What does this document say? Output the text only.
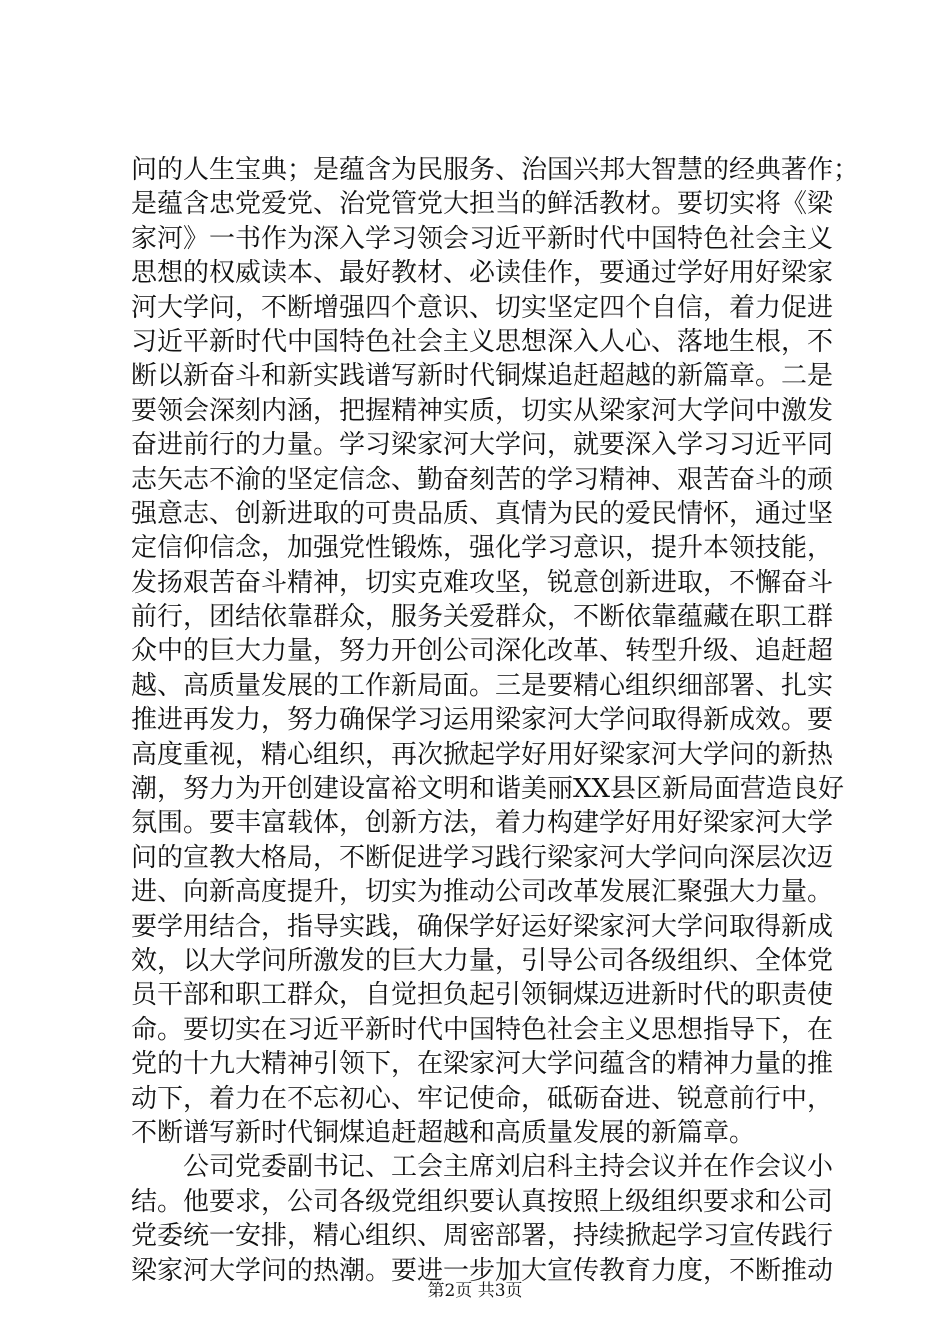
问的人生宝典；是蕴含为民服务、治国兴邦大智慧的经典著作；
是蕴含忠党爱党、治党管党大担当的鲜活教材。要切实将《梁
家河》一书作为深入学习领会习近平新时代中国特色社会主义
思想的权威读本、最好教材、必读佳作，要通过学好用好梁家
河大学问，不断增强四个意识、切实坚定四个自信，着力促进
习近平新时代中国特色社会主义思想深入人心、落地生根，不
断以新奋斗和新实践谱写新时代铜煤追赶超越的新篇章。二是
要领会深刻内涵，把握精神实质，切实从梁家河大学问中激发
奋进前行的力量。学习梁家河大学问，就要深入学习习近平同
志矢志不渝的坚定信念、勤奋刻苦的学习精神、艰苦奋斗的顽
强意志、创新进取的可贵品质、真情为民的爱民情怀，通过坚
定信仰信念，加强党性锻炼，强化学习意识，提升本领技能，
发扬艰苦奋斗精神，切实克难攻坚，锐意创新进取，不懈奋斗
前行，团结依靠群众，服务关爱群众，不断依靠蕴藏在职工群
众中的巨大力量，努力开创公司深化改革、转型升级、追赶超
越、高质量发展的工作新局面。三是要精心组织细部署、扎实
推进再发力，努力确保学习运用梁家河大学问取得新成效。要
高度重视，精心组织，再次掀起学好用好梁家河大学问的新热
潮，努力为开创建设富裕文明和谐美丽XX县区新局面营造良好
氛围。要丰富载体，创新方法，着力构建学好用好梁家河大学
问的宣教大格局，不断促进学习践行梁家河大学问向深层次迈
进、向新高度提升，切实为推动公司改革发展汇聚强大力量。
要学用结合，指导实践，确保学好运好梁家河大学问取得新成
效，以大学问所激发的巨大力量，引导公司各级组织、全体党
员干部和职工群众，自觉担负起引领铜煤迈进新时代的职责使
命。要切实在习近平新时代中国特色社会主义思想指导下，在
党的十九大精神引领下，在梁家河大学问蕴含的精神力量的推
动下，着力在不忘初心、牢记使命，砥砺奋进、锐意前行中，
不断谱写新时代铜煤追赶超越和高质量发展的新篇章。
公司党委副书记、工会主席刘启科主持会议并在作会议小
结。他要求，公司各级党组织要认真按照上级组织要求和公司
党委统一安排，精心组织、周密部署，持续掀起学习宣传践行
梁家河大学问的热潮。要进一步加大宣传教育力度，不断推动
第2页 共3页
